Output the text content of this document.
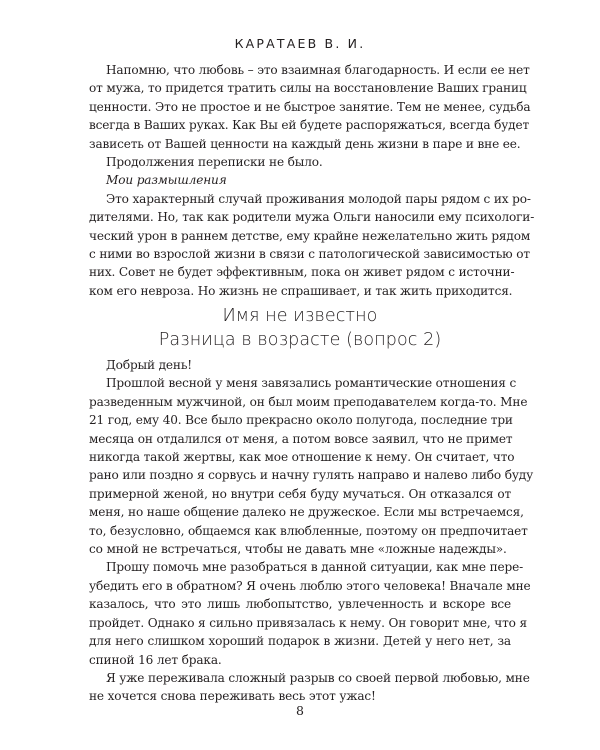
КАРАТАЕВ В. И.
Напомню, что любовь – это взаимная благодарность. И если ее нет
от мужа, то придется тратить силы на восстановление Ваших границ
ценности. Это не простое и не быстрое занятие. Тем не менее, судьба
всегда в Ваших руках. Как Вы ей будете распоряжаться, всегда будет
зависеть от Вашей ценности на каждый день жизни в паре и вне ее.
Продолжения переписки не было.
Мои размышления
Это характерный случай проживания молодой пары рядом с их ро-
дителями. Но, так как родители мужа Ольги наносили ему психологи-
ческий урон в раннем детстве, ему крайне нежелательно жить рядом
с ними во взрослой жизни в связи с патологической зависимостью от
них. Совет не будет эффективным, пока он живет рядом с источни-
ком его невроза. Но жизнь не спрашивает, и так жить приходится.
Имя не известно
Разница в возрасте (вопрос 2)
Добрый день!
Прошлой весной у меня завязались романтические отношения с
разведенным мужчиной, он был моим преподавателем когда-то. Мне
21 год, ему 40. Все было прекрасно около полугода, последние три
месяца он отдалился от меня, а потом вовсе заявил, что не примет
никогда такой жертвы, как мое отношение к нему. Он считает, что
рано или поздно я сорвусь и начну гулять направо и налево либо буду
примерной женой, но внутри себя буду мучаться. Он отказался от
меня, но наше общение далеко не дружеское. Если мы встречаемся,
то, безусловно, общаемся как влюбленные, поэтому он предпочитает
со мной не встречаться, чтобы не давать мне «ложные надежды».
Прошу помочь мне разобраться в данной ситуации, как мне пере-
убедить его в обратном? Я очень люблю этого человека! Вначале мне
казалось, что это лишь любопытство, увлеченность и вскоре все
пройдет. Однако я сильно привязалась к нему. Он говорит мне, что я
для него слишком хороший подарок в жизни. Детей у него нет, за
спиной 16 лет брака.
Я уже переживала сложный разрыв со своей первой любовью, мне
не хочется снова переживать весь этот ужас!
8
